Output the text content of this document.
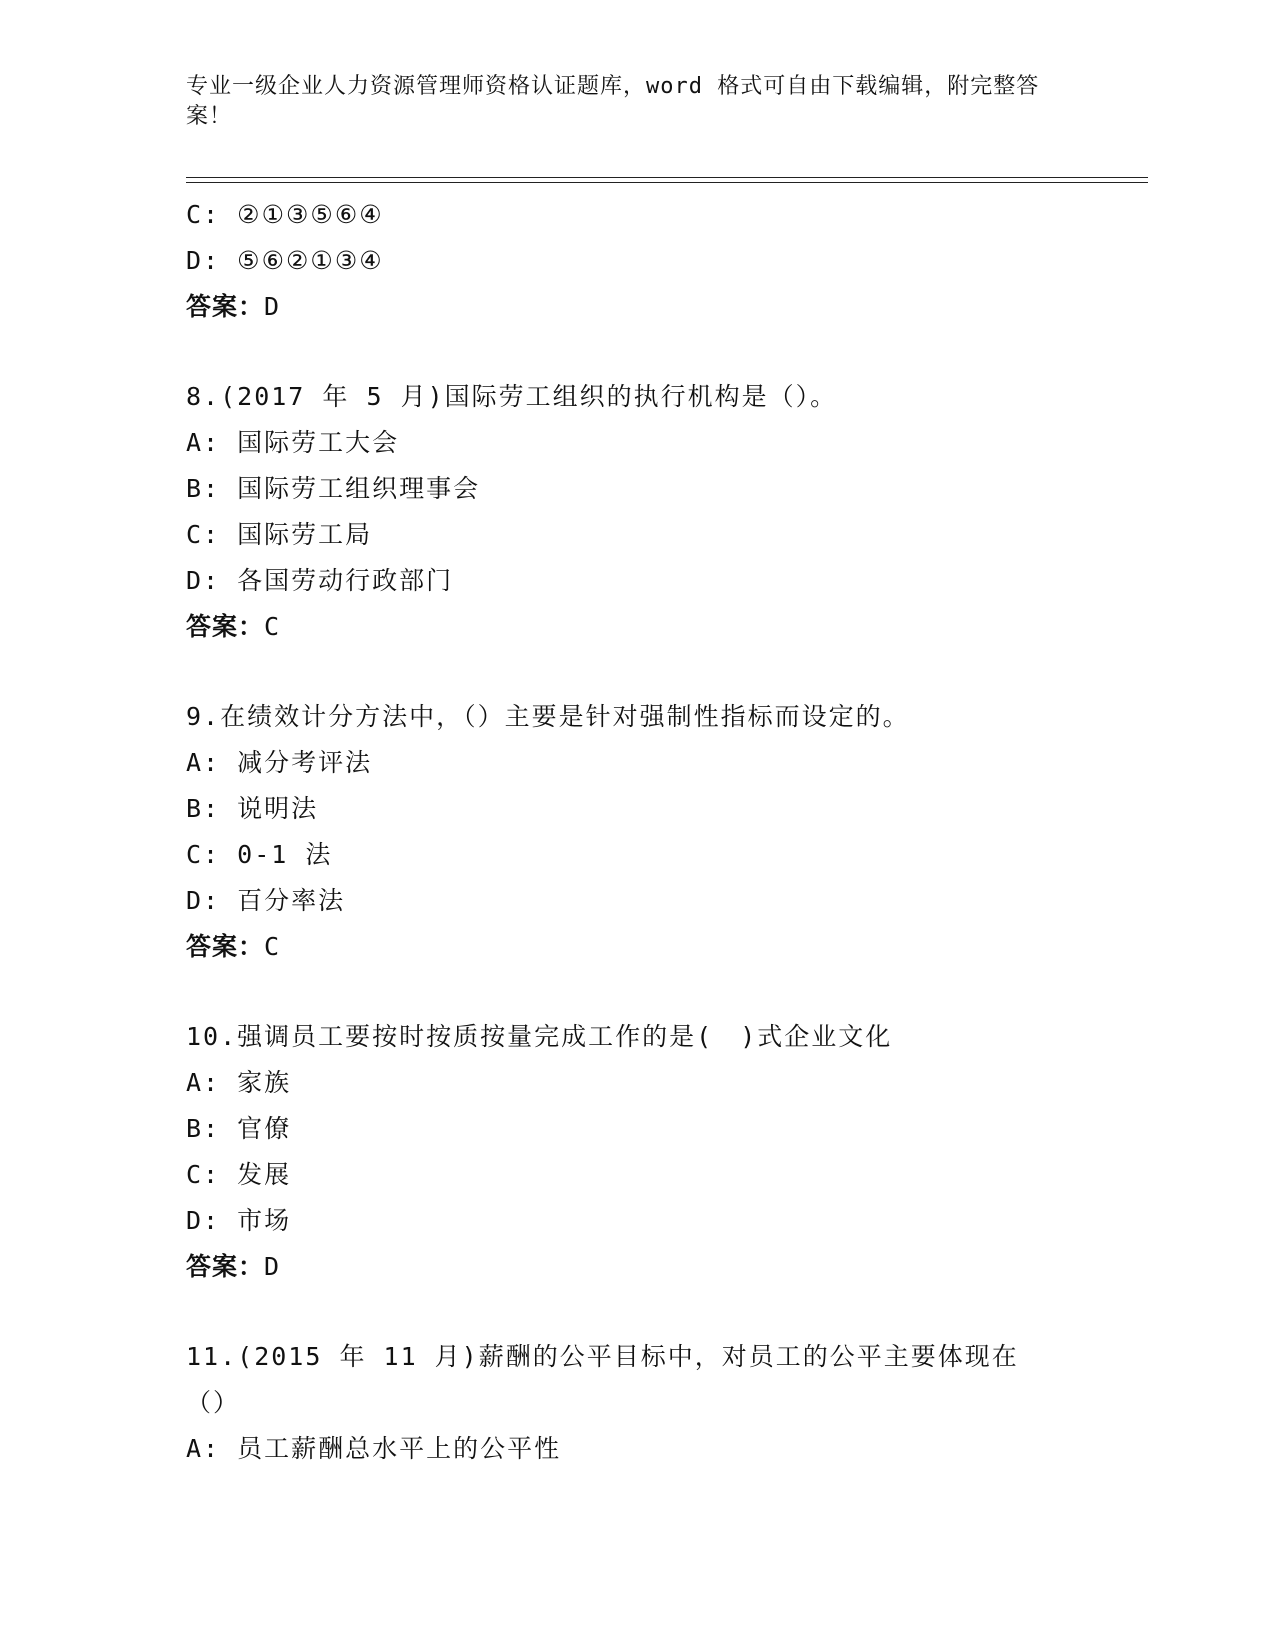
专业一级企业人力资源管理师资格认证题库，word 格式可自由下载编辑，附完整答案！
C: ②①③⑤⑥④
D: ⑤⑥②①③④
答案：D
8.(2017 年 5 月)国际劳工组织的执行机构是（）。
A: 国际劳工大会
B: 国际劳工组织理事会
C: 国际劳工局
D: 各国劳动行政部门
答案：C
9.在绩效计分方法中，（）主要是针对强制性指标而设定的。
A: 减分考评法
B: 说明法
C: 0-1 法
D: 百分率法
答案：C
10.强调员工要按时按质按量完成工作的是(　)式企业文化
A: 家族
B: 官僚
C: 发展
D: 市场
答案：D
11.(2015 年 11 月)薪酬的公平目标中，对员工的公平主要体现在（）
A: 员工薪酬总水平上的公平性
